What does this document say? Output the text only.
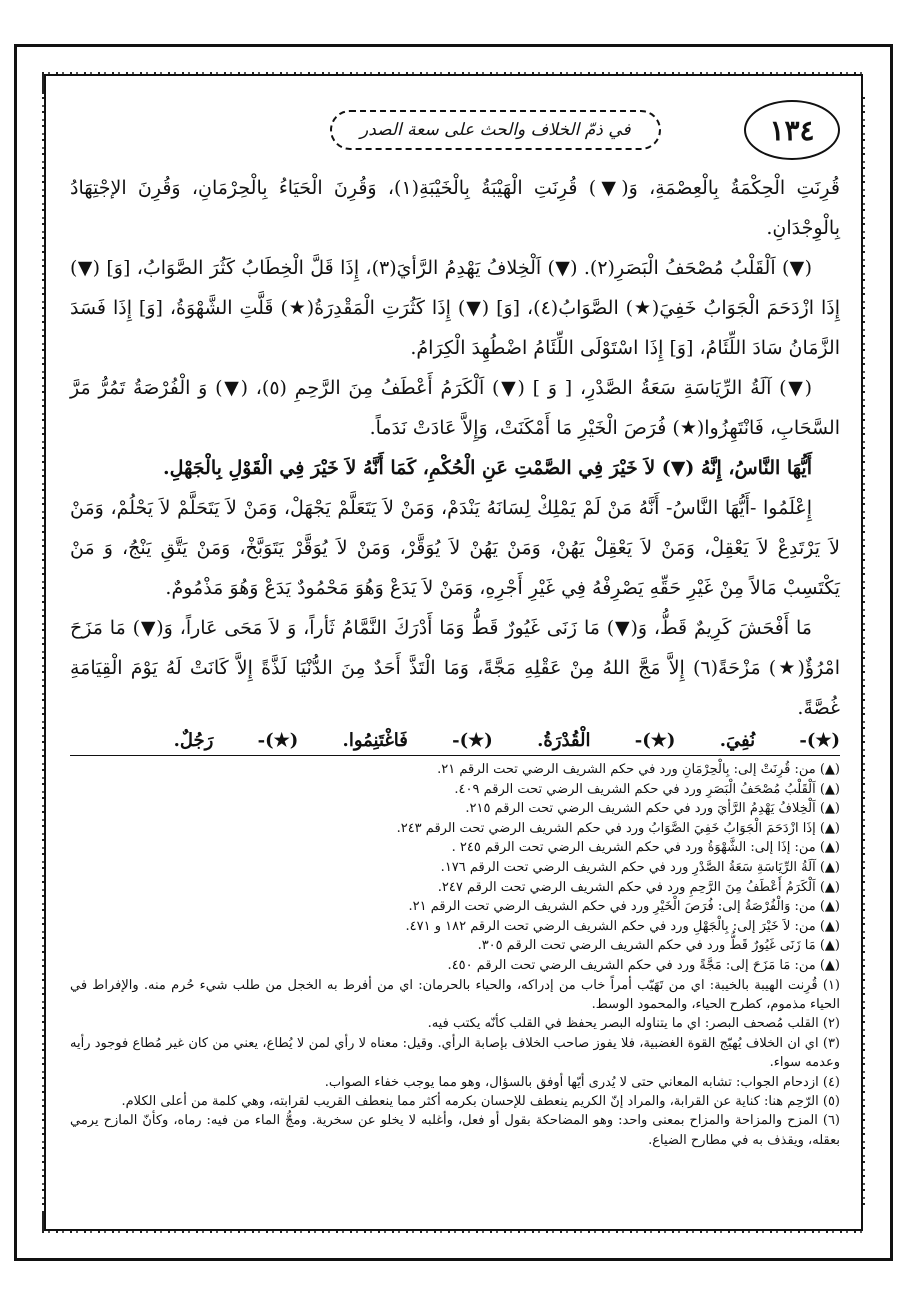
١٣٤
في ذمّ الخلاف والحث على سعة الصدر

قُرِنَتِ الْحِكْمَةُ بِالْعِصْمَةِ، وَ(▼) قُرِنَتِ الْهَيْبَةُ بِالْخَيْبَةِ(١)، وَقُرِنَ الْحَيَاءُ بِالْحِرْمَانِ، وَقُرِنَ الإجْتِهَادُ بِالْوِجْدَانِ.

(▼) اَلْقَلْبُ مُصْحَفُ الْبَصَرِ(٢). (▼) اَلْخِلافُ يَهْدِمُ الرَّأيَ(٣)، إِذَا قَلَّ الْخِطَابُ كَثُرَ الصَّوَابُ، [وَ] (▼) إِذَا ازْدَحَمَ الْجَوَابُ خَفِيَ(★) الصَّوَابُ(٤)، [وَ] (▼) إِذَا كَثُرَتِ الْمَقْدِرَةُ(★) قَلَّتِ الشَّهْوَةُ، [وَ] إِذَا فَسَدَ الزَّمَانُ سَادَ اللِّئَامُ، [وَ] إِذَا اسْتَوْلَى اللِّئَامُ اضْطُهِدَ الْكِرَامُ.

(▼) آلَةُ الرِّيَاسَةِ سَعَةُ الصَّدْرِ، [ وَ ] (▼) اَلْكَرَمُ أَعْطَفُ مِنَ الرَّحِمِ (٥)، (▼) وَ الْفُرْصَةُ تَمُرُّ مَرَّ السَّحَابِ، فَانْتَهِزُوا(★) فُرَصَ الْخَيْرِ مَا أَمْكَنَتْ، وَإِلاَّ عَادَتْ نَدَماً.

أَيُّهَا النَّاسُ، إِنَّهُ (▼) لاَ خَيْرَ فِي الصَّمْتِ عَنِ الْحُكْمِ، كَمَا أَنَّهُ لاَ خَيْرَ فِي الْقَوْلِ بِالْجَهْلِ.

إِعْلَمُوا -أَيُّهَا النَّاسُ- أَنَّهُ مَنْ لَمْ يَمْلِكْ لِسَانَهُ يَنْدَمْ، وَمَنْ لاَ يَتَعَلَّمْ يَجْهَلْ، وَمَنْ لاَ يَتَحَلَّمْ لاَ يَحْلُمْ، وَمَنْ لاَ يَرْتَدِعْ لاَ يَعْقِلْ، وَمَنْ لاَ يَعْقِلْ يَهُنْ، وَمَنْ يَهُنْ لاَ يُوَقَّرْ، وَمَنْ لاَ يُوَقَّرْ يَتَوَبَّخْ، وَمَنْ يَتَّقِ يَنْجُ، وَ مَنْ يَكْتَسِبْ مَالاً مِنْ غَيْرِ حَقِّهِ يَصْرِفْهُ فِي غَيْرِ أَجْرِهِ، وَمَنْ لاَ يَدَعْ وَهُوَ مَحْمُودٌ يَدَعْ وَهُوَ مَذْمُومٌ.

مَا أَفْحَشَ كَرِيمٌ قَطُّ، وَ(▼) مَا زَنَى غَيُورٌ قَطُّ وَمَا أَدْرَكَ النَّمَّامُ ثَأراً، وَ لاَ مَحَى عَاراً، وَ(▼) مَا مَزَحَ امْرُؤٌ(★) مَزْحَةً(٦) إِلاَّ مَجَّ اللهُ مِنْ عَقْلِهِ مَجَّةً، وَمَا الْتَذَّ أَحَدٌ مِنَ الدُّنْيَا لَذَّةً إِلاَّ كَانَتْ لَهُ يَوْمَ الْقِيَامَةِ غُصَّةً.

(★)- نُفِيَ. (★)- الْقُدْرَةُ. (★)- فَاغْتَنِمُوا. (★)- رَجُلٌ.

(▲) من: قُرِنَتْ إلى: بِالْحِرْمَانِ ورد في حكم الشريف الرضي تحت الرقم ٢١.

(▲) اَلْقَلْبُ مُصْحَفُ الْبَصَرِ ورد في حكم الشريف الرضي تحت الرقم ٤٠٩.

(▲) اَلْخِلافُ يَهْدِمُ الرَّأيَ ورد في حكم الشريف الرضي تحت الرقم ٢١٥.

(▲) إذَا ازْدَحَمَ الْجَوَابُ خَفِيَ الصَّوَابُ ورد في حكم الشريف الرضي تحت الرقم ٢٤٣.

(▲) من: إذَا إلى: الشَّهْوَةُ ورد في حكم الشريف الرضي تحت الرقم ٢٤٥ .

(▲) آلَةُ الرِّيَاسَةِ سَعَةُ الصَّدْرِ ورد في حكم الشريف الرضي تحت الرقم ١٧٦.

(▲) اَلْكَرَمُ أَعْطَفُ مِنَ الرَّحِمِ ورد في حكم الشريف الرضي تحت الرقم ٢٤٧.

(▲) من: وَالْفُرْصَةُ إلى: فُرَصَ الْخَيْرِ ورد في حكم الشريف الرضي تحت الرقم ٢١.

(▲) من: لاَ خَيْرَ إلى: بِالْجَهْلِ ورد في حكم الشريف الرضي تحت الرقم ١٨٢ و ٤٧١.

(▲) مَا زَنَى غَيُورٌ قَطُّ ورد في حكم الشريف الرضي تحت الرقم ٣٠٥.

(▲) من: مَا مَزَحَ إلى: مَجَّةً ورد في حكم الشريف الرضي تحت الرقم ٤٥٠.

(١) قُرِنت الهيبة بالخيبة: اي من تَهَيّب أمراً خاب من إدراكه، والحياء بالحرمان: اي من أفرط به الخجل من طلب شيء حُرم منه. والإفراط في الحياء مذموم، كطرح الحياء، والمحمود الوسط.

(٢) القلب مُصحف البصر: اي ما يتناوله البصر يحفظ في القلب كأنّه يكتب فيه.

(٣) اي ان الخلاف يُهيّج القوة الغضبية، فلا يفوز صاحب الخلاف بإصابة الرأي. وقيل: معناه لا رأي لمن لا يُطاع، يعني من كان غير مُطاع فوجود رأيه وعدمه سواء.

(٤) ازدحام الجواب: تشابه المعاني حتى لا يُدرى أيّها أوفق بالسؤال، وهو مما يوجب خفاء الصواب.

(٥) الرّحِم هنا: كناية عن القرابة، والمراد إنّ الكريم ينعطف للإحسان بكرمه أكثر مما ينعطف القريب لقرابته، وهي كلمة من أعلى الكلام.

(٦) المزح والمزاحة والمزاح بمعنى واحد: وهو المضاحكة بقول أو فعل، وأغلبه لا يخلو عن سخرية. ومجُّ الماء من فيه: رماه، وكأنّ المازح يرمي بعقله، ويقذف به في مطارح الضياع.
